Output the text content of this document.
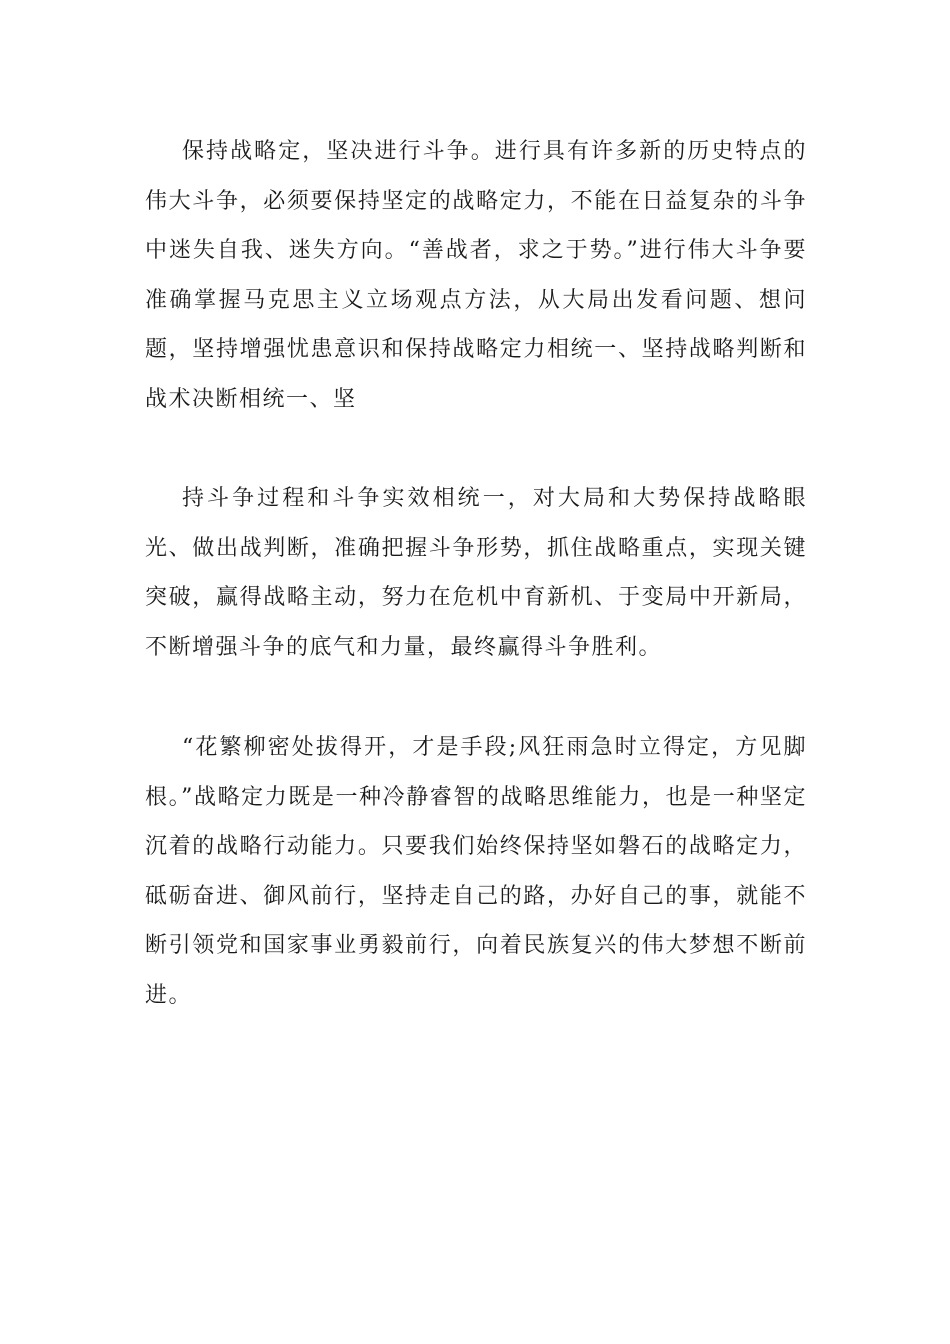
保持战略定，坚决进行斗争。进行具有许多新的历史特点的伟大斗争，必须要保持坚定的战略定力，不能在日益复杂的斗争中迷失自我、迷失方向。“善战者，求之于势。”进行伟大斗争要准确掌握马克思主义立场观点方法，从大局出发看问题、想问题，坚持增强忧患意识和保持战略定力相统一、坚持战略判断和战术决断相统一、坚

持斗争过程和斗争实效相统一，对大局和大势保持战略眼光、做出战判断，准确把握斗争形势，抓住战略重点，实现关键突破，赢得战略主动，努力在危机中育新机、于变局中开新局，不断增强斗争的底气和力量，最终赢得斗争胜利。

“花繁柳密处拔得开，才是手段;风狂雨急时立得定，方见脚根。”战略定力既是一种冷静睿智的战略思维能力，也是一种坚定沉着的战略行动能力。只要我们始终保持坚如磐石的战略定力，砥砺奋进、御风前行，坚持走自己的路，办好自己的事，就能不断引领党和国家事业勇毅前行，向着民族复兴的伟大梦想不断前进。
